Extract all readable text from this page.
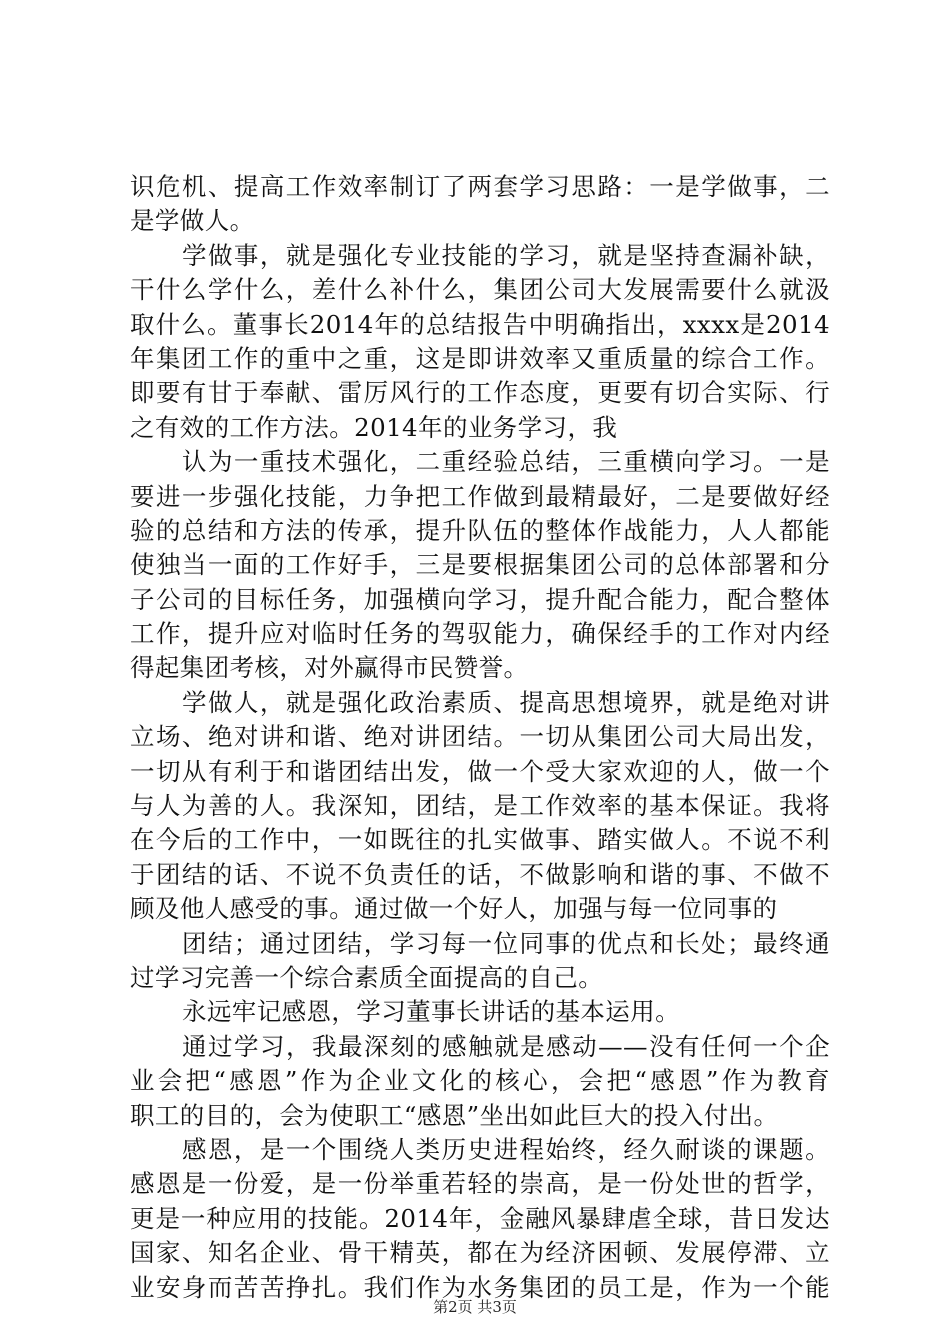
识危机、提高工作效率制订了两套学习思路：一是学做事，二
是学做人。
学做事，就是强化专业技能的学习，就是坚持查漏补缺，
干什么学什么，差什么补什么，集团公司大发展需要什么就汲
取什么。董事长2014年的总结报告中明确指出，xxxx是2014
年集团工作的重中之重，这是即讲效率又重质量的综合工作。
即要有甘于奉献、雷厉风行的工作态度，更要有切合实际、行
之有效的工作方法。2014年的业务学习，我
认为一重技术强化，二重经验总结，三重横向学习。一是
要进一步强化技能，力争把工作做到最精最好，二是要做好经
验的总结和方法的传承，提升队伍的整体作战能力，人人都能
使独当一面的工作好手，三是要根据集团公司的总体部署和分
子公司的目标任务，加强横向学习，提升配合能力，配合整体
工作，提升应对临时任务的驾驭能力，确保经手的工作对内经
得起集团考核，对外赢得市民赞誉。
学做人，就是强化政治素质、提高思想境界，就是绝对讲
立场、绝对讲和谐、绝对讲团结。一切从集团公司大局出发，
一切从有利于和谐团结出发，做一个受大家欢迎的人，做一个
与人为善的人。我深知，团结，是工作效率的基本保证。我将
在今后的工作中，一如既往的扎实做事、踏实做人。不说不利
于团结的话、不说不负责任的话，不做影响和谐的事、不做不
顾及他人感受的事。通过做一个好人，加强与每一位同事的
团结；通过团结，学习每一位同事的优点和长处；最终通
过学习完善一个综合素质全面提高的自己。
永远牢记感恩，学习董事长讲话的基本运用。
通过学习，我最深刻的感触就是感动——没有任何一个企
业会把“感恩”作为企业文化的核心，会把“感恩”作为教育
职工的目的，会为使职工“感恩”坐出如此巨大的投入付出。
感恩，是一个围绕人类历史进程始终，经久耐谈的课题。
感恩是一份爱，是一份举重若轻的崇高，是一份处世的哲学，
更是一种应用的技能。2014年，金融风暴肆虐全球，昔日发达
国家、知名企业、骨干精英，都在为经济困顿、发展停滞、立
业安身而苦苦挣扎。我们作为水务集团的员工是，作为一个能
第2页 共3页
